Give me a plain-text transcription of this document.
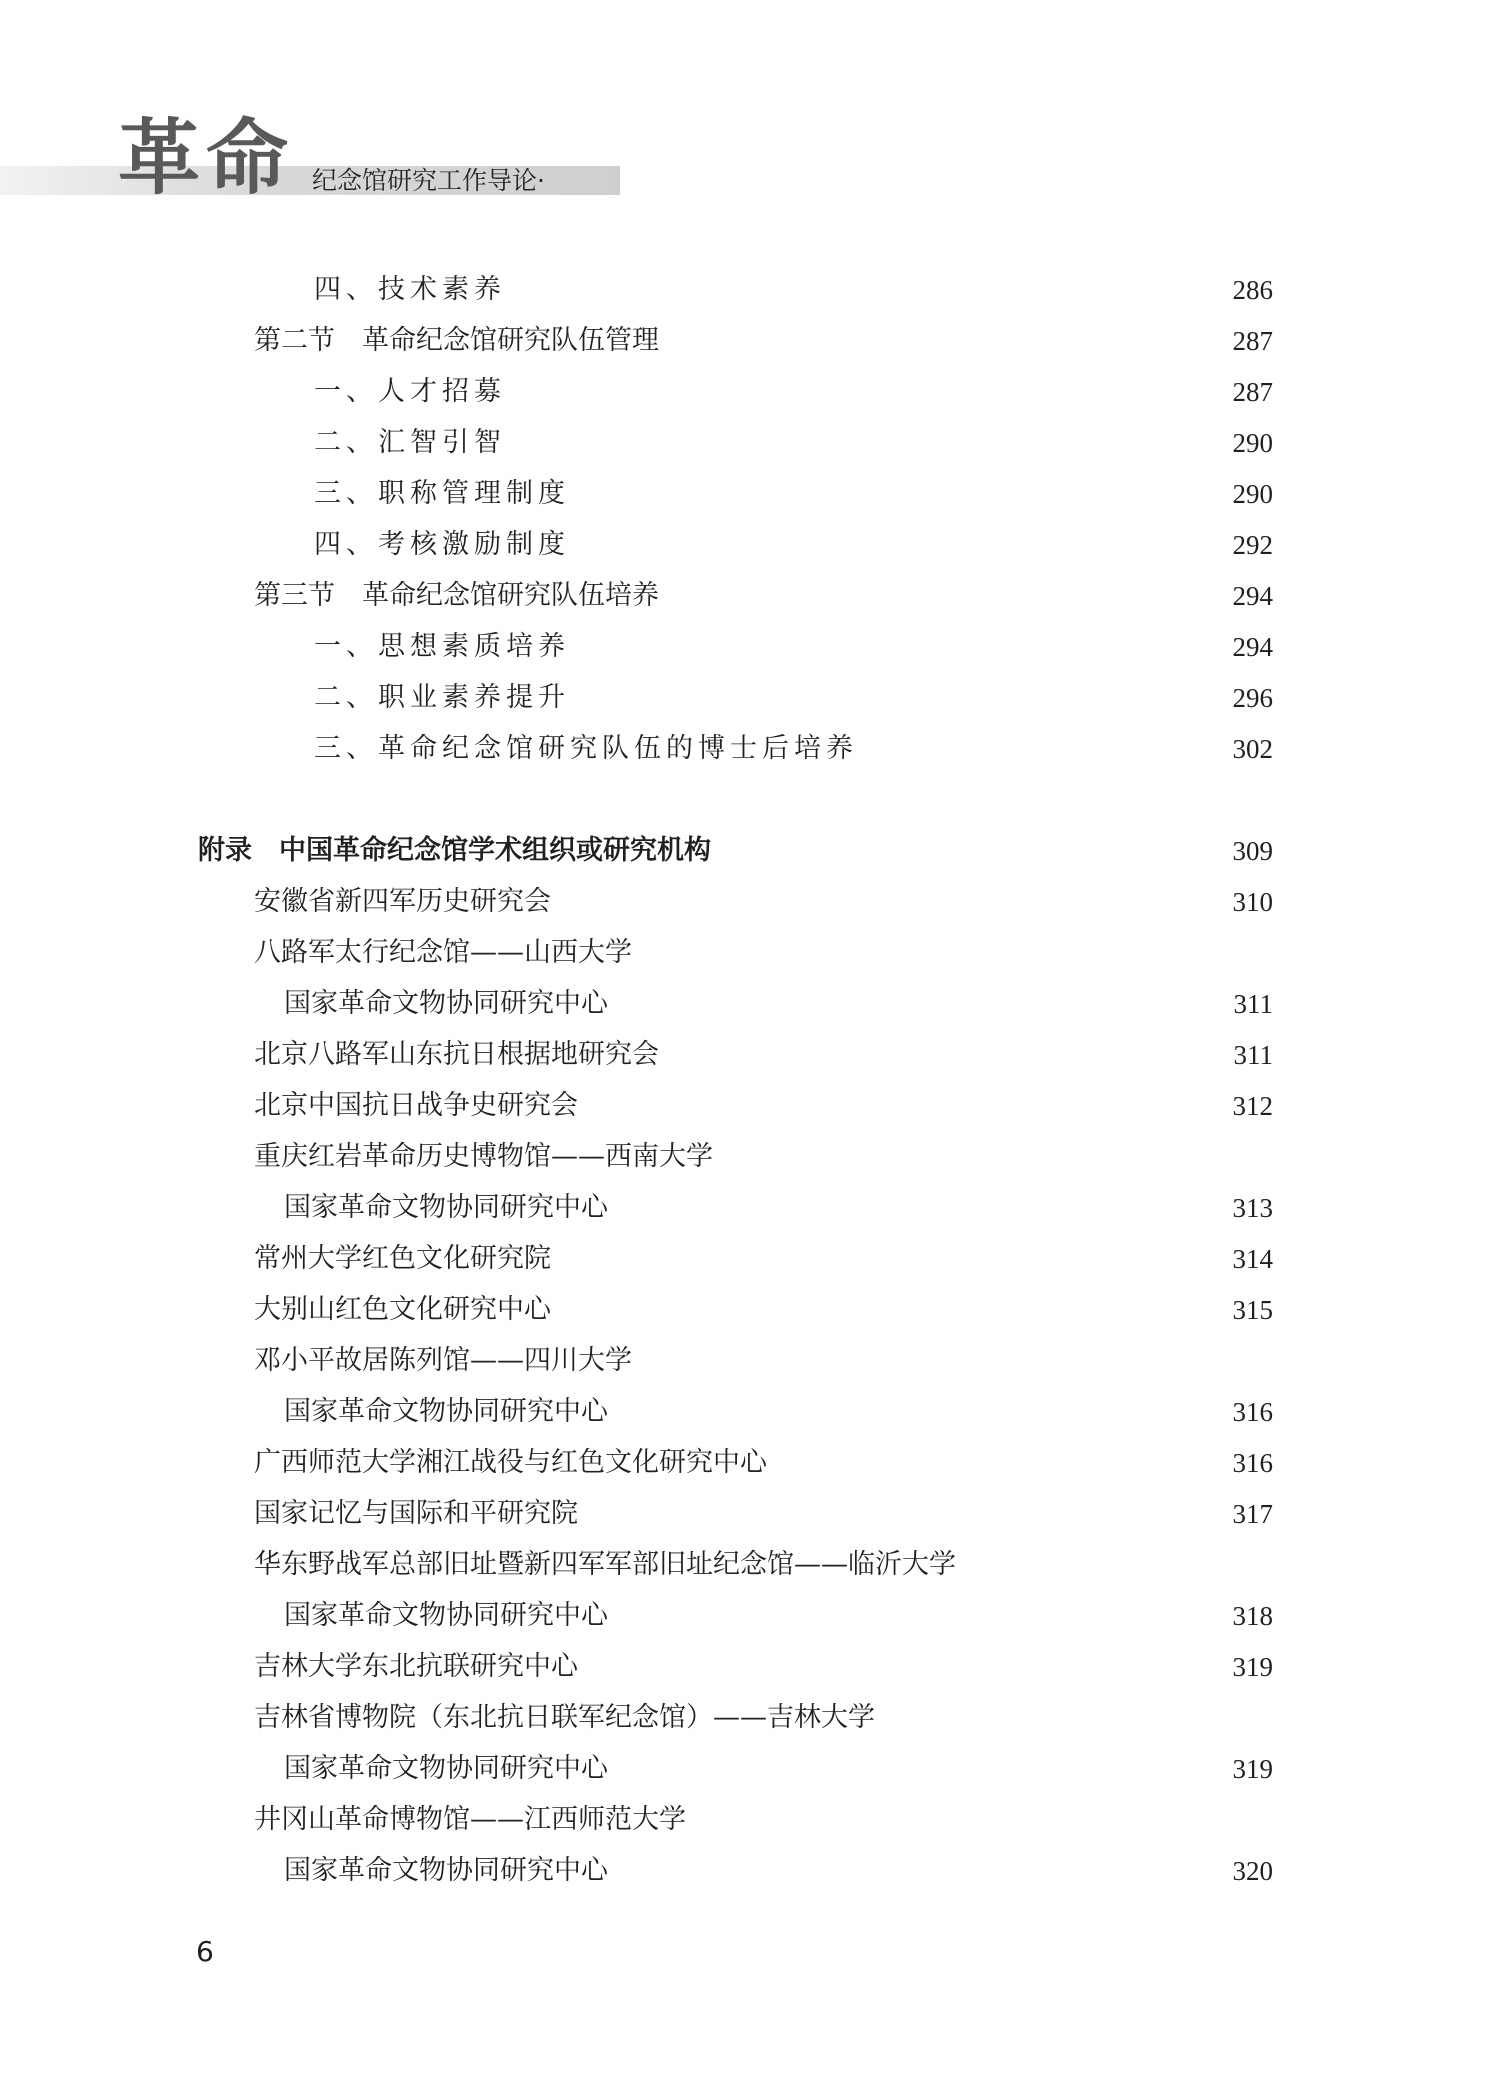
革命 纪念馆研究工作导论·
四、技术素养	286
第二节　革命纪念馆研究队伍管理	287
一、人才招募	287
二、汇智引智	290
三、职称管理制度	290
四、考核激励制度	292
第三节　革命纪念馆研究队伍培养	294
一、思想素质培养	294
二、职业素养提升	296
三、革命纪念馆研究队伍的博士后培养	302
附录　中国革命纪念馆学术组织或研究机构	309
安徽省新四军历史研究会	310
八路军太行纪念馆——山西大学
国家革命文物协同研究中心	311
北京八路军山东抗日根据地研究会	311
北京中国抗日战争史研究会	312
重庆红岩革命历史博物馆——西南大学
国家革命文物协同研究中心	313
常州大学红色文化研究院	314
大别山红色文化研究中心	315
邓小平故居陈列馆——四川大学
国家革命文物协同研究中心	316
广西师范大学湘江战役与红色文化研究中心	316
国家记忆与国际和平研究院	317
华东野战军总部旧址暨新四军军部旧址纪念馆——临沂大学
国家革命文物协同研究中心	318
吉林大学东北抗联研究中心	319
吉林省博物院（东北抗日联军纪念馆）——吉林大学
国家革命文物协同研究中心	319
井冈山革命博物馆——江西师范大学
国家革命文物协同研究中心	320
6
